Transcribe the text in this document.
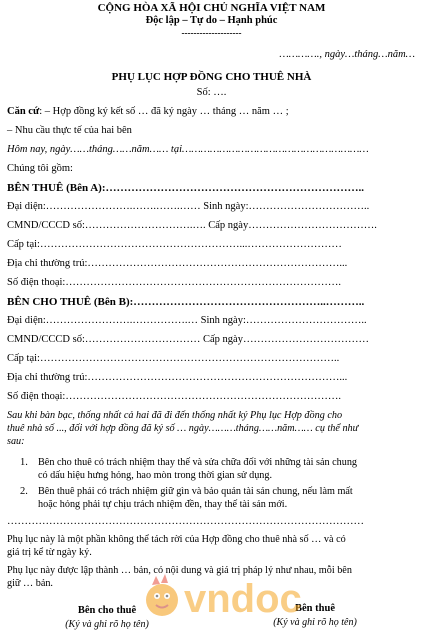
CỘNG HÒA XÃ HỘI CHỦ NGHĨA VIỆT NAM
Độc lập – Tự do – Hạnh phúc
--------------------
…………., ngày…tháng…năm…
PHỤ LỤC HỢP ĐỒNG CHO THUÊ NHÀ
Số: ….
Căn cứ: – Hợp đồng ký kết số … đã ký ngày … tháng … năm … ;
– Nhu cầu thực tế của hai bên
Hôm nay, ngày……tháng……năm…… tại……………………………………………………
Chúng tôi gồm:
BÊN THUÊ (Bên A):……………………………………………………………..
Đại diện:…………………….…….…….…… Sinh ngày:……………………………..
CMND/CCCD số:………………………….…. Cấp ngày……………………………….
Cấp tại:…………………………………………………...………………………
Địa chỉ thường trú:………………………………………………………………...
Số điện thoại:…………………………………………………………………….
BÊN CHO THUÊ (Bên B):……………………………………………..………..
Đại diện:…………………….…………….… Sinh ngày:……………………………..
CMND/CCCD số:…………………………… Cấp ngày………………………………
Cấp tại:…………………………………………………………………………..
Địa chỉ thường trú:………………………………………………………………...
Số điện thoại:…………………………………………………………………….
Sau khi bàn bạc, thống nhất cả hai đã đi đến thống nhất ký Phụ lục Hợp đồng cho
thuê nhà số ..., đối với hợp đồng đã ký số … ngày………tháng……năm…… cụ thể như
sau:
1. Bên cho thuê có trách nhiệm thay thế và sửa chữa đối với những tài sản chung
có dấu hiệu hưng hỏng, hao mòn trong thời gian sử dụng.
2. Bên thuê phải có trách nhiệm giữ gìn và bảo quản tài sản chung, nếu làm mất
hoặc hỏng phải tự chịu trách nhiệm đền, thay thế tài sản mới.
…………………………………………………………………………………………
Phụ lục này là một phần không thể tách rời của Hợp đồng cho thuê nhà số … và có
giá trị kể từ ngày ký.
Phụ lục này được lập thành … bản, có nội dung và giá trị pháp lý như nhau, mỗi bên
giữ … bản.
Bên cho thuê
(Ký và ghi rõ họ tên)
Bên thuê
(Ký và ghi rõ họ tên)
vndoc
